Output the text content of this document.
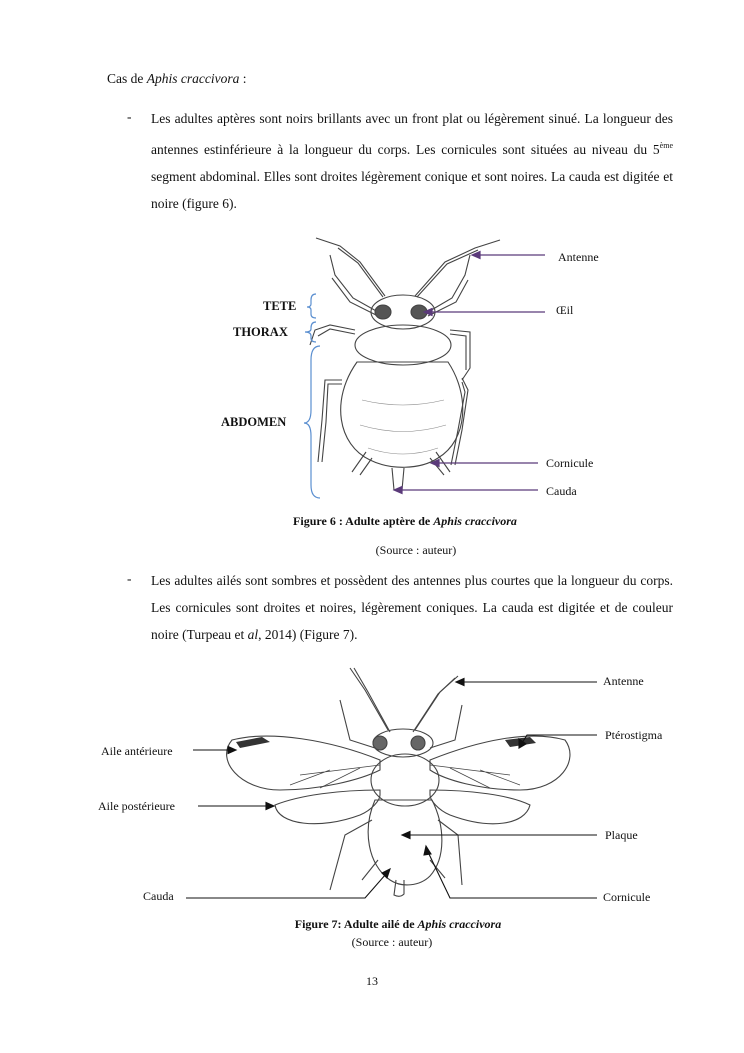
Cas de Aphis craccivora :
- Les adultes aptères sont noirs brillants avec un front plat ou légèrement sinué. La longueur des antennes estinférieure à la longueur du corps. Les cornicules sont situées au niveau du 5ème segment abdominal. Elles sont droites légèrement conique et sont noires. La cauda est digitée et noire (figure 6).
Antenne
Œil
Cornicule
Cauda
TETE
THORAX
ABDOMEN
Figure 6 : Adulte aptère de Aphis craccivora
(Source : auteur)
- Les adultes ailés sont sombres et possèdent des antennes plus courtes que la longueur du corps. Les cornicules sont droites et noires, légèrement coniques. La cauda est digitée et de couleur noire (Turpeau et al, 2014) (Figure 7).
Antenne
Ptérostigma
Aile antérieure
Aile postérieure
Plaque
Cauda	Cornicule
Figure 7: Adulte ailé de Aphis craccivora
(Source : auteur)
13
